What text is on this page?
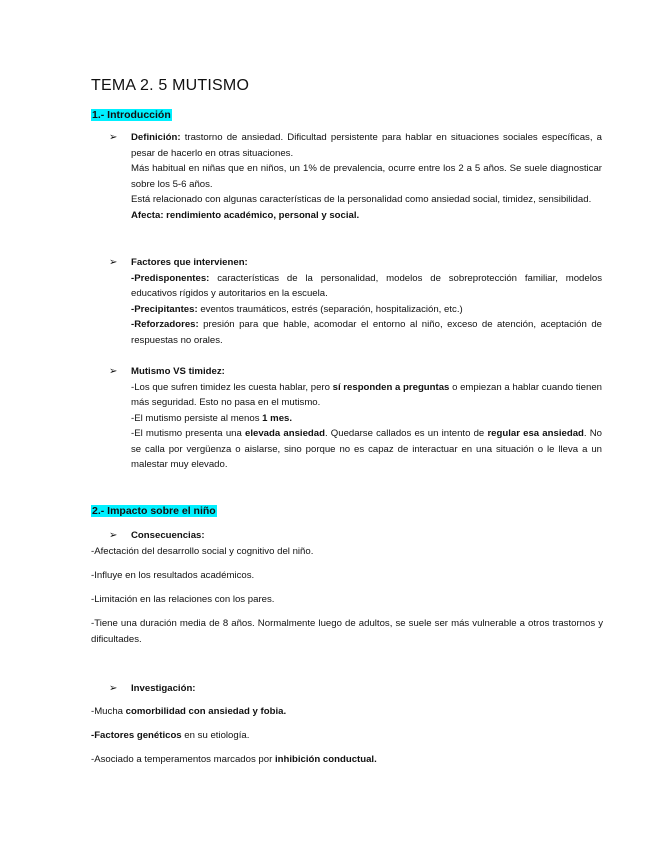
TEMA 2. 5 MUTISMO
1.- Introducción
➢ Definición: trastorno de ansiedad. Dificultad persistente para hablar en situaciones sociales específicas, a pesar de hacerlo en otras situaciones.
Más habitual en niñas que en niños, un 1% de prevalencia, ocurre entre los 2 a 5 años. Se suele diagnosticar sobre los 5-6 años.
Está relacionado con algunas características de la personalidad como ansiedad social, timidez, sensibilidad.
Afecta: rendimiento académico, personal y social.
➢ Factores que intervienen:
-Predisponentes: características de la personalidad, modelos de sobreprotección familiar, modelos educativos rígidos y autoritarios en la escuela.
-Precipitantes: eventos traumáticos, estrés (separación, hospitalización, etc.)
-Reforzadores: presión para que hable, acomodar el entorno al niño, exceso de atención, aceptación de respuestas no orales.
➢ Mutismo VS timidez:
-Los que sufren timidez les cuesta hablar, pero sí responden a preguntas o empiezan a hablar cuando tienen más seguridad. Esto no pasa en el mutismo.
-El mutismo persiste al menos 1 mes.
-El mutismo presenta una elevada ansiedad. Quedarse callados es un intento de regular esa ansiedad. No se calla por vergüenza o aislarse, sino porque no es capaz de interactuar en una situación o le lleva a un malestar muy elevado.
2.- Impacto sobre el niño
➢ Consecuencias:
-Afectación del desarrollo social y cognitivo del niño.
-Influye en los resultados académicos.
-Limitación en las relaciones con los pares.
-Tiene una duración media de 8 años. Normalmente luego de adultos, se suele ser más vulnerable a otros trastornos y dificultades.
➢ Investigación:
-Mucha comorbilidad con ansiedad y fobia.
-Factores genéticos en su etiología.
-Asociado a temperamentos marcados por inhibición conductual.
